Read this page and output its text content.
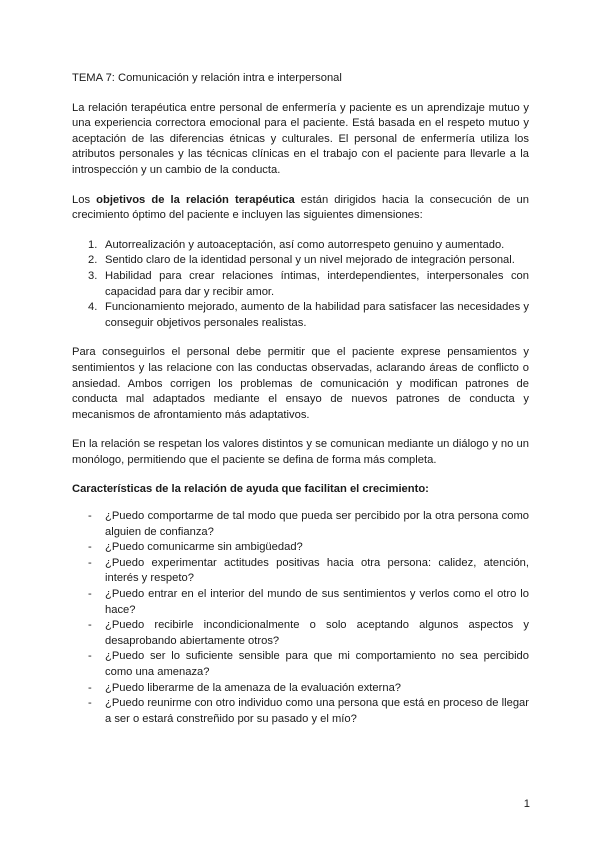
TEMA 7: Comunicación y relación intra e interpersonal

La relación terapéutica entre personal de enfermería y paciente es un aprendizaje mutuo y una experiencia correctora emocional para el paciente. Está basada en el respeto mutuo y aceptación de las diferencias étnicas y culturales. El personal de enfermería utiliza los atributos personales y las técnicas clínicas en el trabajo con el paciente para llevarle a la introspección y un cambio de la conducta.

Los objetivos de la relación terapéutica están dirigidos hacia la consecución de un crecimiento óptimo del paciente e incluyen las siguientes dimensiones:

1. Autorrealización y autoaceptación, así como autorrespeto genuino y aumentado.
2. Sentido claro de la identidad personal y un nivel mejorado de integración personal.
3. Habilidad para crear relaciones íntimas, interdependientes, interpersonales con capacidad para dar y recibir amor.
4. Funcionamiento mejorado, aumento de la habilidad para satisfacer las necesidades y conseguir objetivos personales realistas.

Para conseguirlos el personal debe permitir que el paciente exprese pensamientos y sentimientos y las relacione con las conductas observadas, aclarando áreas de conflicto o ansiedad. Ambos corrigen los problemas de comunicación y modifican patrones de conducta mal adaptados mediante el ensayo de nuevos patrones de conducta y mecanismos de afrontamiento más adaptativos.

En la relación se respetan los valores distintos y se comunican mediante un diálogo y no un monólogo, permitiendo que el paciente se defina de forma más completa.

Características de la relación de ayuda que facilitan el crecimiento:

- ¿Puedo comportarme de tal modo que pueda ser percibido por la otra persona como alguien de confianza?
- ¿Puedo comunicarme sin ambigüedad?
- ¿Puedo experimentar actitudes positivas hacia otra persona: calidez, atención, interés y respeto?
- ¿Puedo entrar en el interior del mundo de sus sentimientos y verlos como el otro lo hace?
- ¿Puedo recibirle incondicionalmente o solo aceptando algunos aspectos y desaprobando abiertamente otros?
- ¿Puedo ser lo suficiente sensible para que mi comportamiento no sea percibido como una amenaza?
- ¿Puedo liberarme de la amenaza de la evaluación externa?
- ¿Puedo reunirme con otro individuo como una persona que está en proceso de llegar a ser o estará constreñido por su pasado y el mío?
1
